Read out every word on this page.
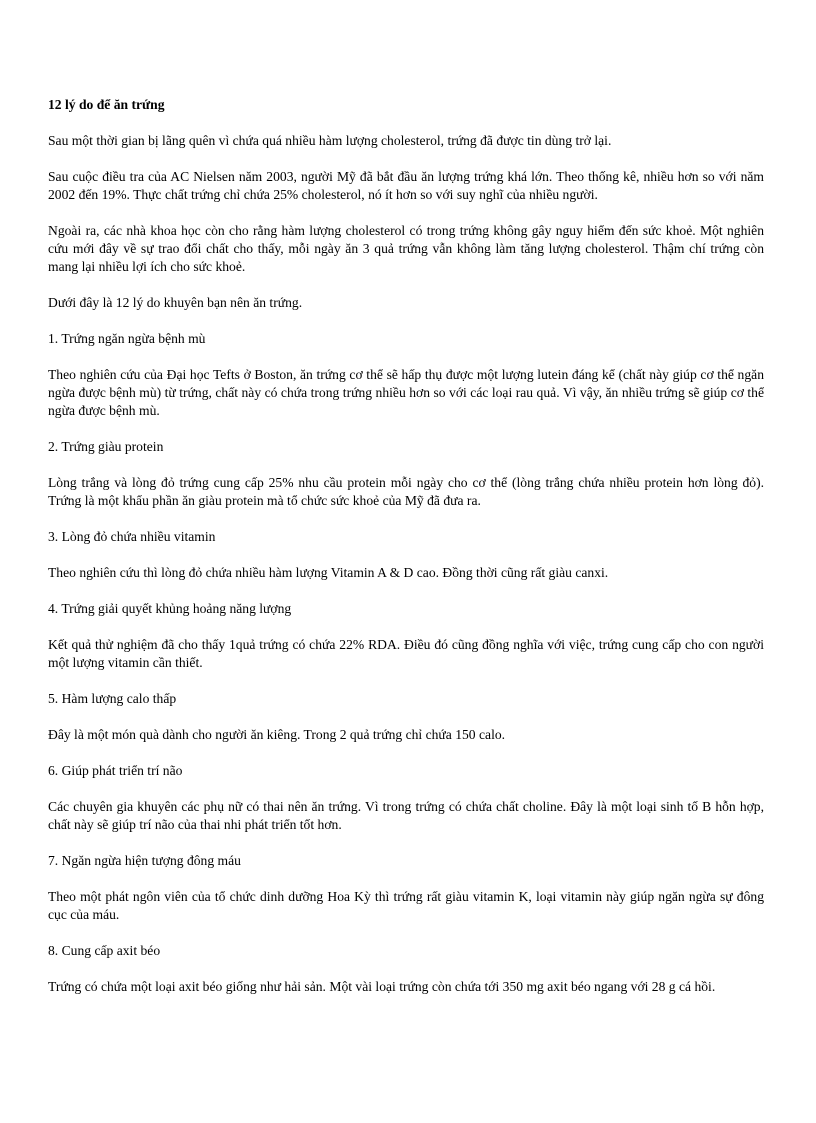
12 lý do để ăn trứng

Sau một thời gian bị lãng quên vì chứa quá nhiều hàm lượng cholesterol, trứng đã được tin dùng trở lại.

Sau cuộc điều tra của AC Nielsen năm 2003, người Mỹ đã bắt đầu ăn lượng trứng khá lớn. Theo thống kê, nhiều hơn so với năm 2002 đến 19%. Thực chất trứng chỉ chứa 25% cholesterol, nó ít hơn so với suy nghĩ của nhiều người.

Ngoài ra, các nhà khoa học còn cho rằng hàm lượng cholesterol có trong trứng không gây nguy hiểm đến sức khoẻ. Một nghiên cứu mới đây về sự trao đổi chất cho thấy, mỗi ngày ăn 3 quả trứng vẫn không làm tăng lượng cholesterol. Thậm chí trứng còn mang lại nhiều lợi ích cho sức khoẻ.

Dưới đây là 12 lý do khuyên bạn nên ăn trứng.

1. Trứng ngăn ngừa bệnh mù

Theo nghiên cứu của Đại học Tefts ở Boston, ăn trứng cơ thể sẽ hấp thụ được một lượng lutein đáng kể (chất này giúp cơ thể ngăn ngừa được bệnh mù) từ trứng, chất này có chứa trong trứng nhiều hơn so với các loại rau quả. Vì vậy, ăn nhiều trứng sẽ giúp cơ thể ngừa được bệnh mù.

2. Trứng giàu protein

Lòng trắng và lòng đỏ trứng cung cấp 25% nhu cầu protein mỗi ngày cho cơ thể (lòng trắng chứa nhiều protein hơn lòng đỏ). Trứng là một khẩu phần ăn giàu protein mà tổ chức sức khoẻ của Mỹ đã đưa ra.

3. Lòng đỏ chứa nhiều vitamin

Theo nghiên cứu thì lòng đỏ chứa nhiều hàm lượng Vitamin A & D cao. Đồng thời cũng rất giàu canxi.

4. Trứng giải quyết khủng hoảng năng lượng

Kết quả thử nghiệm đã cho thấy 1quả trứng có chứa 22% RDA. Điều đó cũng đồng nghĩa với việc, trứng cung cấp cho con người một lượng vitamin cần thiết.

5. Hàm lượng calo thấp

Đây là một món quà dành cho người ăn kiêng. Trong 2 quả trứng chỉ chứa 150 calo.

6. Giúp phát triển trí não

Các chuyên gia khuyên các phụ nữ có thai nên ăn trứng. Vì trong trứng có chứa chất choline. Đây là một loại sinh tố B hỗn hợp, chất này sẽ giúp trí não của thai nhi phát triển tốt hơn.

7. Ngăn ngừa hiện tượng đông máu

Theo một phát ngôn viên của tổ chức dinh dưỡng Hoa Kỳ thì trứng rất giàu vitamin K, loại vitamin này giúp ngăn ngừa sự đông cục của máu.

8. Cung cấp axit béo

Trứng có chứa một loại axit béo giống như hải sản. Một vài loại trứng còn chứa tới 350 mg axit béo ngang với 28 g cá hồi.
